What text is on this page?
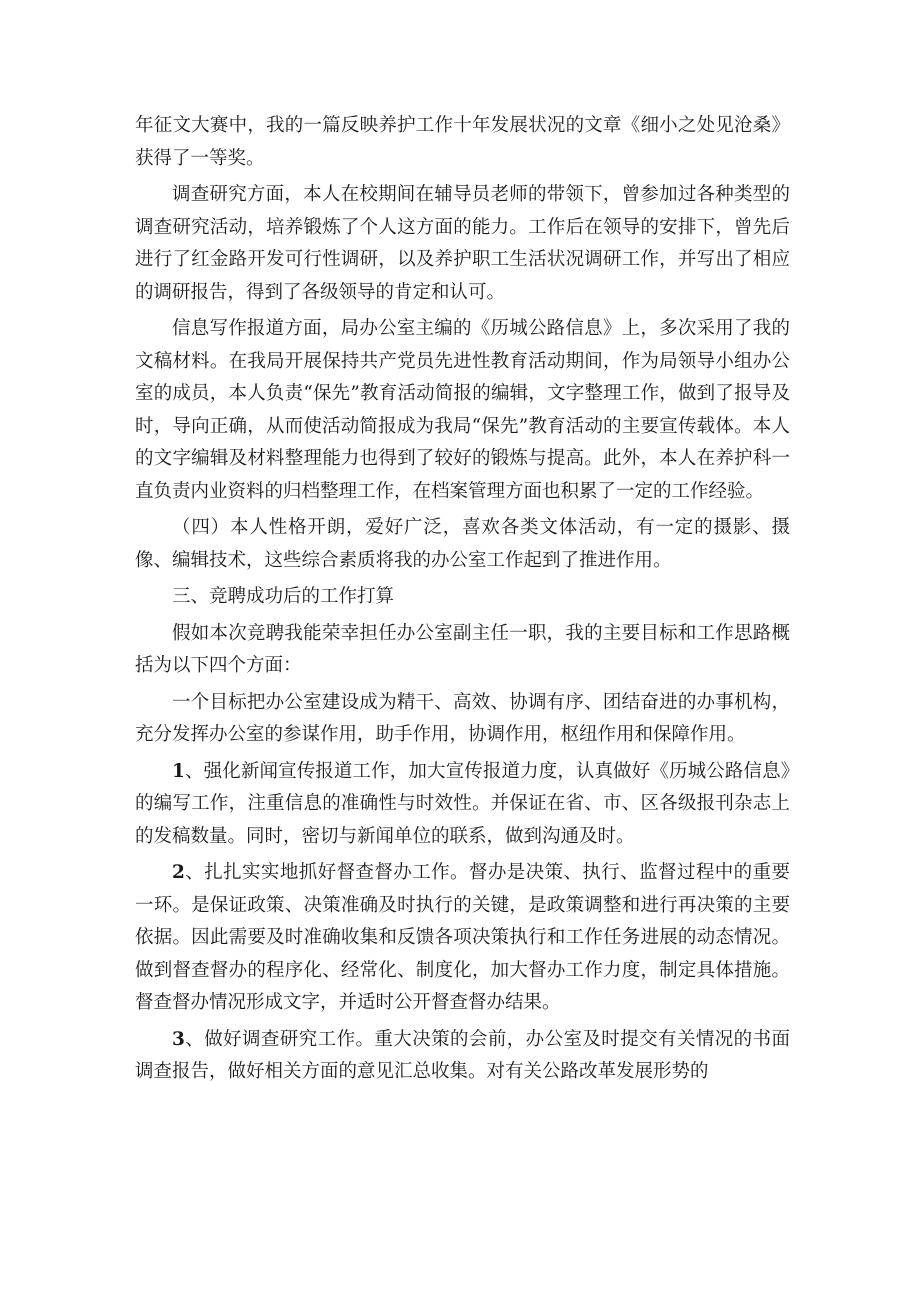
年征文大赛中，我的一篇反映养护工作十年发展状况的文章《细小之处见沧桑》获得了一等奖。

调查研究方面，本人在校期间在辅导员老师的带领下，曾参加过各种类型的调查研究活动，培养锻炼了个人这方面的能力。工作后在领导的安排下，曾先后进行了红金路开发可行性调研，以及养护职工生活状况调研工作，并写出了相应的调研报告，得到了各级领导的肯定和认可。

信息写作报道方面，局办公室主编的《历城公路信息》上，多次采用了我的文稿材料。在我局开展保持共产党员先进性教育活动期间，作为局领导小组办公室的成员，本人负责“保先”教育活动简报的编辑，文字整理工作，做到了报导及时，导向正确，从而使活动简报成为我局“保先”教育活动的主要宣传载体。本人的文字编辑及材料整理能力也得到了较好的锻炼与提高。此外，本人在养护科一直负责内业资料的归档整理工作，在档案管理方面也积累了一定的工作经验。

（四）本人性格开朗，爱好广泛，喜欢各类文体活动，有一定的摄影、摄像、编辑技术，这些综合素质将我的办公室工作起到了推进作用。

三、竞聘成功后的工作打算

假如本次竞聘我能荣幸担任办公室副主任一职，我的主要目标和工作思路概括为以下四个方面：

一个目标把办公室建设成为精干、高效、协调有序、团结奋进的办事机构，充分发挥办公室的参谋作用，助手作用，协调作用，枢纽作用和保障作用。

1、强化新闻宣传报道工作，加大宣传报道力度，认真做好《历城公路信息》的编写工作，注重信息的准确性与时效性。并保证在省、市、区各级报刊杂志上的发稿数量。同时，密切与新闻单位的联系，做到沟通及时。

2、扎扎实实地抓好督查督办工作。督办是决策、执行、监督过程中的重要一环。是保证政策、决策准确及时执行的关键，是政策调整和进行再决策的主要依据。因此需要及时准确收集和反馈各项决策执行和工作任务进展的动态情况。做到督查督办的程序化、经常化、制度化，加大督办工作力度，制定具体措施。督查督办情况形成文字，并适时公开督查督办结果。

3、做好调查研究工作。重大决策的会前，办公室及时提交有关情况的书面调查报告，做好相关方面的意见汇总收集。对有关公路改革发展形势的
